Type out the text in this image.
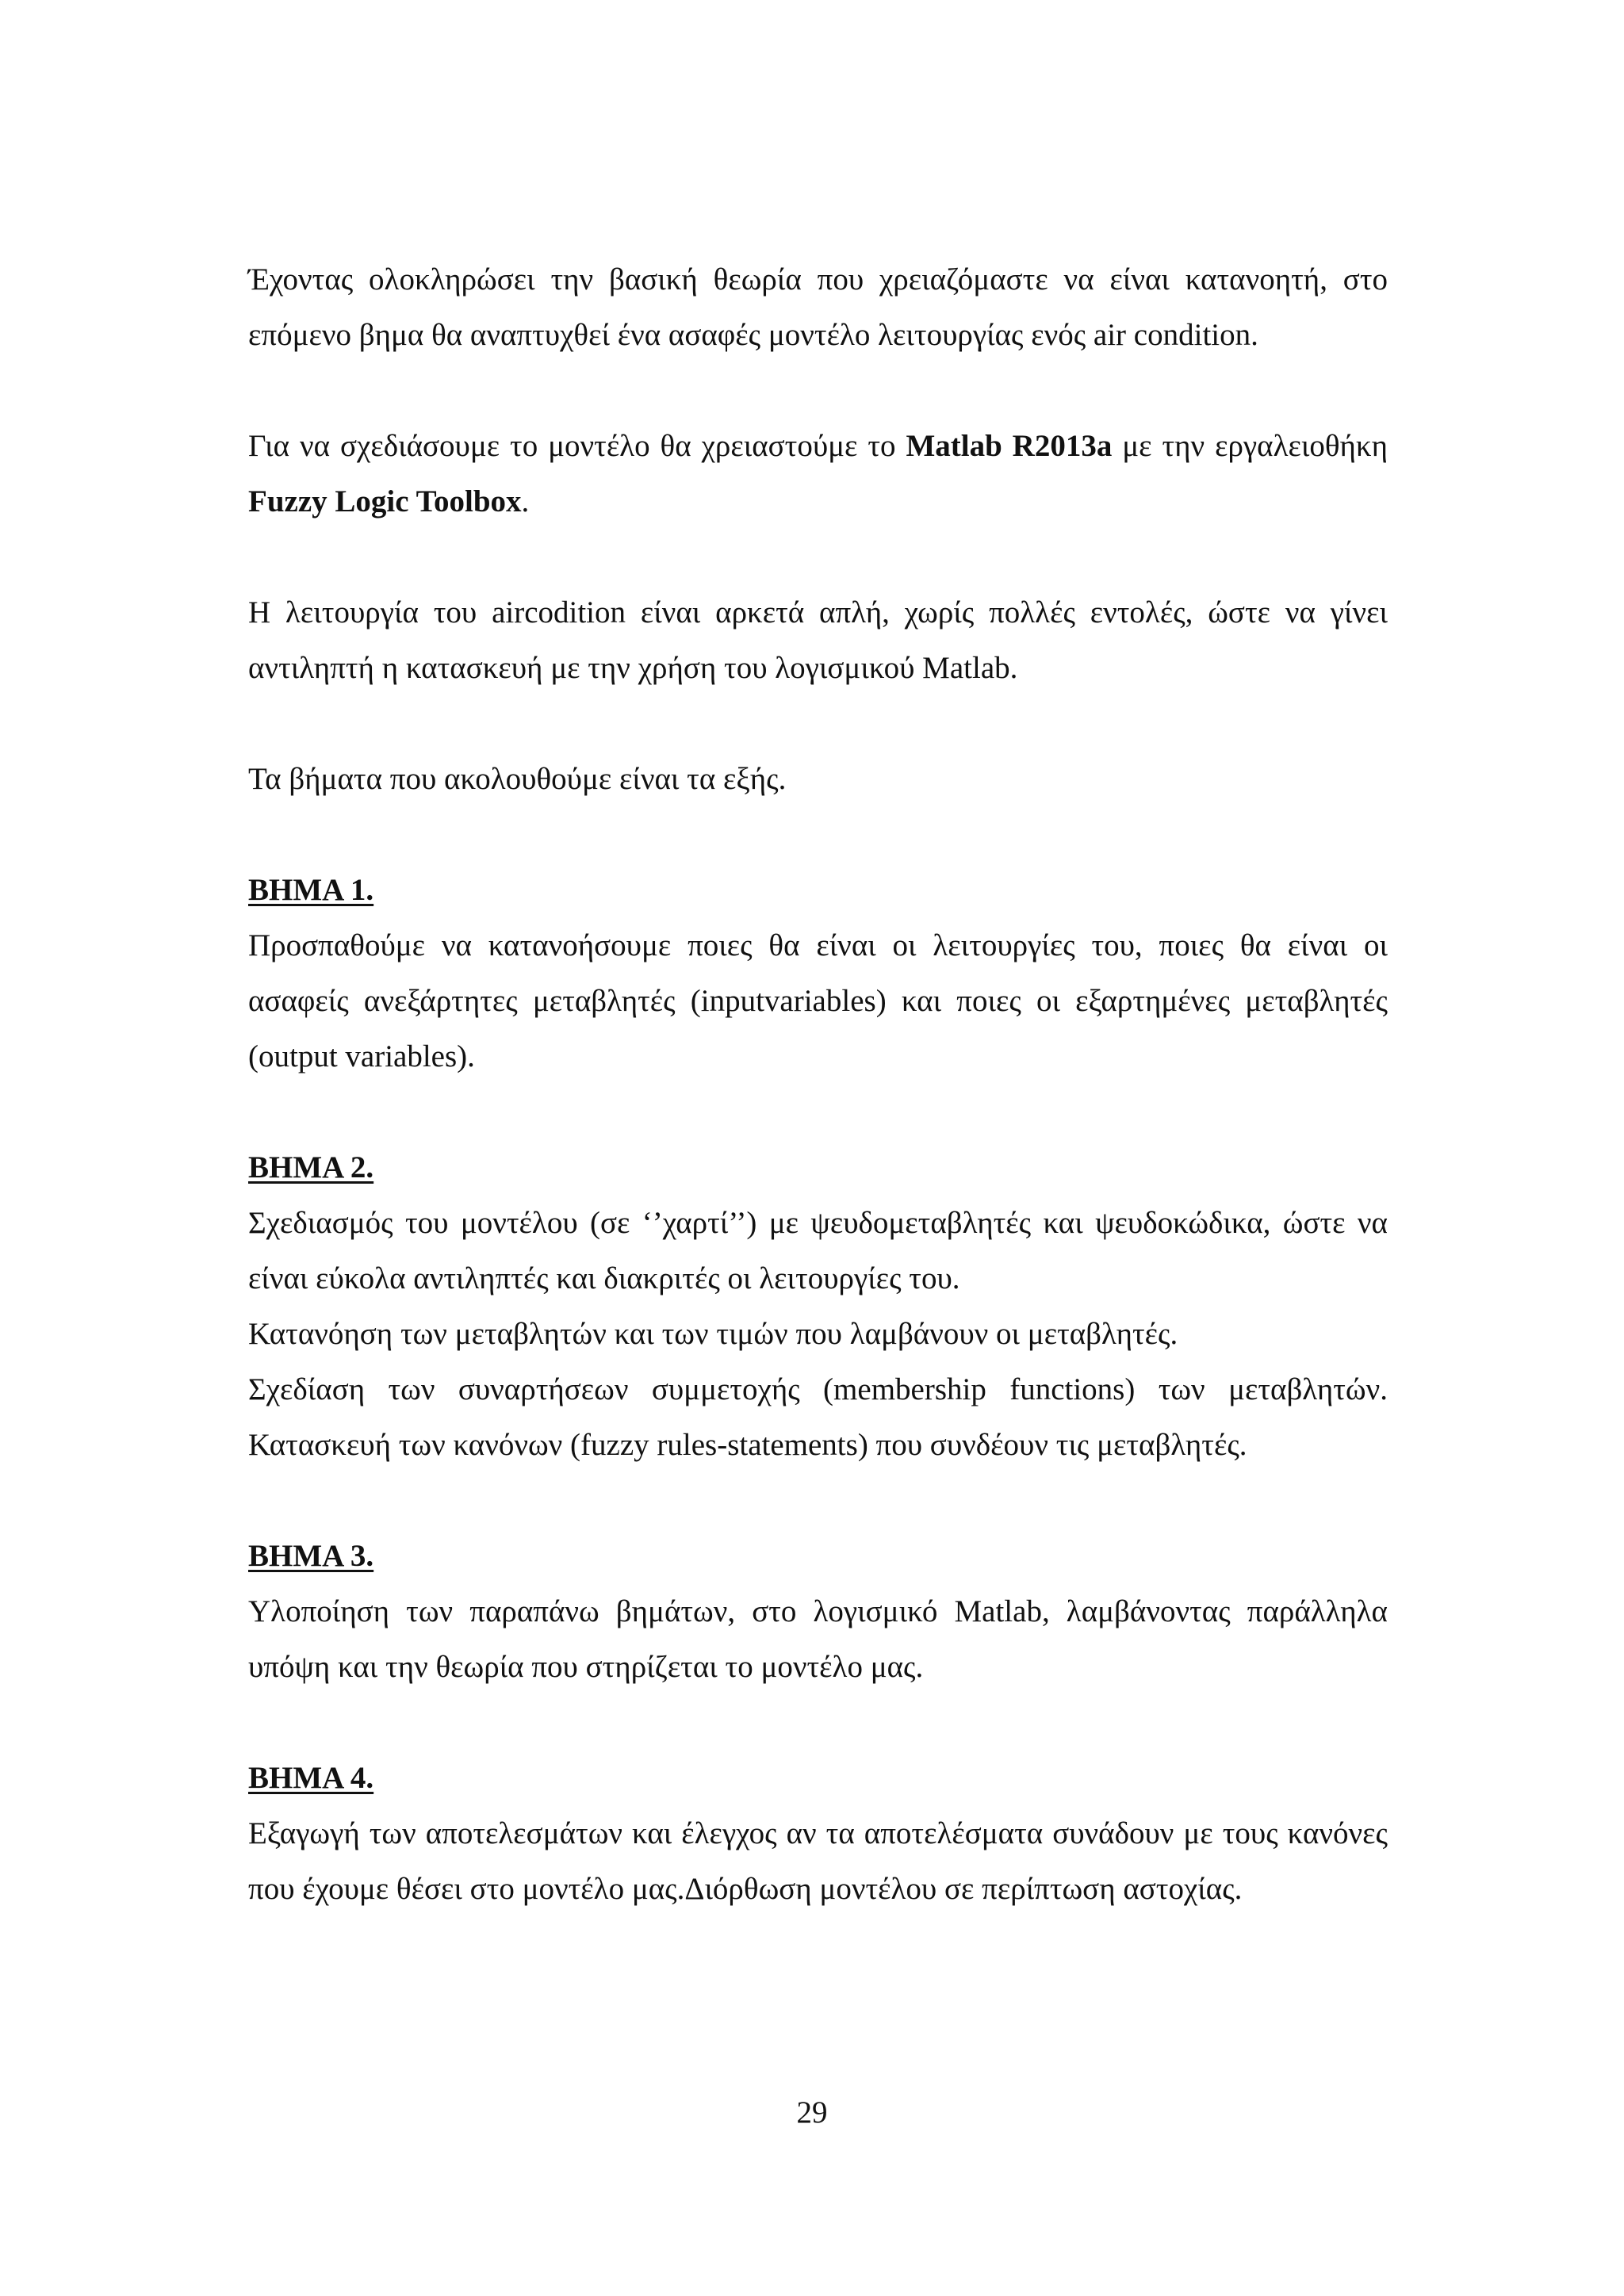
Έχοντας ολοκληρώσει την βασική θεωρία που χρειαζόμαστε να είναι κατανοητή, στο επόμενο βημα θα αναπτυχθεί ένα ασαφές μοντέλο λειτουργίας ενός air condition.

Για να σχεδιάσουμε το μοντέλο θα χρειαστούμε το Matlab R2013a με την εργαλειοθήκη Fuzzy Logic Toolbox.

Η λειτουργία του aircodition είναι αρκετά απλή, χωρίς πολλές εντολές, ώστε να γίνει αντιληπτή η κατασκευή με την χρήση του λογισμικού Matlab.

Τα βήματα που ακολουθούμε είναι τα εξής.

ΒΗΜΑ 1.

Προσπαθούμε να κατανοήσουμε ποιες θα είναι οι λειτουργίες του, ποιες θα είναι οι ασαφείς ανεξάρτητες μεταβλητές (inputvariables) και ποιες οι εξαρτημένες μεταβλητές (output variables).

ΒΗΜΑ 2.

Σχεδιασμός του μοντέλου (σε ‘’χαρτί’’) με ψευδομεταβλητές και ψευδοκώδικα, ώστε να είναι εύκολα αντιληπτές και διακριτές οι λειτουργίες του.

Κατανόηση των μεταβλητών και των τιμών που λαμβάνουν οι μεταβλητές.

Σχεδίαση των συναρτήσεων συμμετοχής (membership functions) των μεταβλητών.

Κατασκευή των κανόνων (fuzzy rules-statements) που συνδέουν τις μεταβλητές.

ΒΗΜΑ 3.

Υλοποίηση των παραπάνω βημάτων, στο λογισμικό Matlab, λαμβάνοντας παράλληλα υπόψη και την θεωρία που στηρίζεται το μοντέλο μας.

ΒΗΜΑ 4.

Εξαγωγή των αποτελεσμάτων και έλεγχος αν τα αποτελέσματα συνάδουν με τους κανόνες που έχουμε θέσει στο μοντέλο μας.Διόρθωση μοντέλου σε περίπτωση αστοχίας.

29
